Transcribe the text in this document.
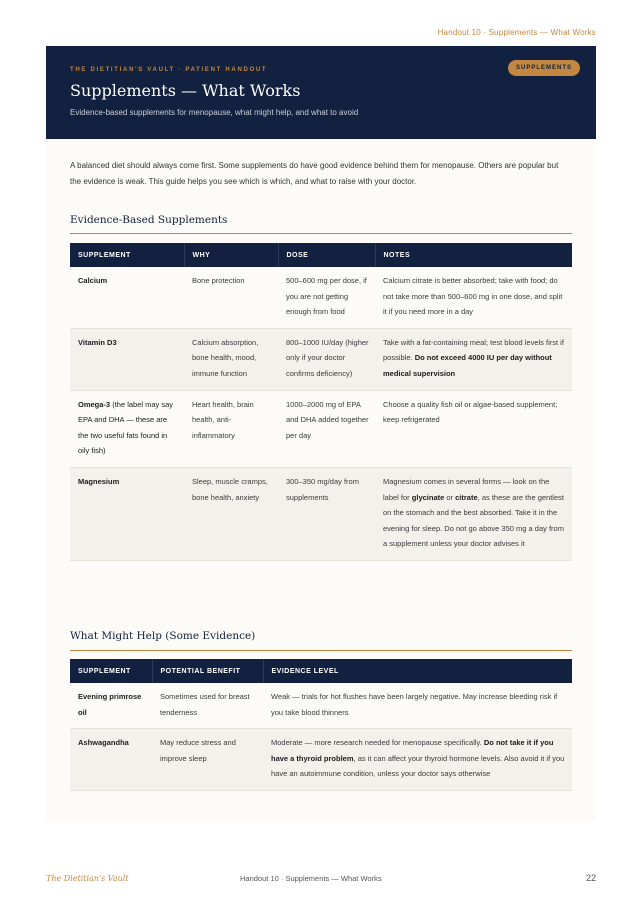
Handout 10 · Supplements — What Works
THE DIETITIAN'S VAULT · PATIENT HANDOUT	SUPPLEMENTS
Supplements — What Works
Evidence-based supplements for menopause, what might help, and what to avoid

A balanced diet should always come first. Some supplements do have good evidence behind them for menopause. Others are popular but the evidence is weak. This guide helps you see which is which, and what to raise with your doctor.

Evidence-Based Supplements
SUPPLEMENT	WHY	DOSE	NOTES
Calcium	Bone protection	500–600 mg per dose, if you are not getting enough from food	Calcium citrate is better absorbed; take with food; do not take more than 500–600 mg in one dose, and split it if you need more in a day
Vitamin D3	Calcium absorption, bone health, mood, immune function	800–1000 IU/day (higher only if your doctor confirms deficiency)	Take with a fat-containing meal; test blood levels first if possible. Do not exceed 4000 IU per day without medical supervision
Omega-3 (the label may say EPA and DHA — these are the two useful fats found in oily fish)	Heart health, brain health, anti-inflammatory	1000–2000 mg of EPA and DHA added together per day	Choose a quality fish oil or algae-based supplement; keep refrigerated
Magnesium	Sleep, muscle cramps, bone health, anxiety	300–350 mg/day from supplements	Magnesium comes in several forms — look on the label for glycinate or citrate, as these are the gentlest on the stomach and the best absorbed. Take it in the evening for sleep. Do not go above 350 mg a day from a supplement unless your doctor advises it
What Might Help (Some Evidence)
SUPPLEMENT	POTENTIAL BENEFIT	EVIDENCE LEVEL
Evening primrose oil	Sometimes used for breast tenderness	Weak — trials for hot flushes have been largely negative. May increase bleeding risk if you take blood thinners
Ashwagandha	May reduce stress and improve sleep	Moderate — more research needed for menopause specifically. Do not take it if you have a thyroid problem, as it can affect your thyroid hormone levels. Also avoid it if you have an autoimmune condition, unless your doctor says otherwise
The Dietitian's Vault	Handout 10 · Supplements — What Works	22
